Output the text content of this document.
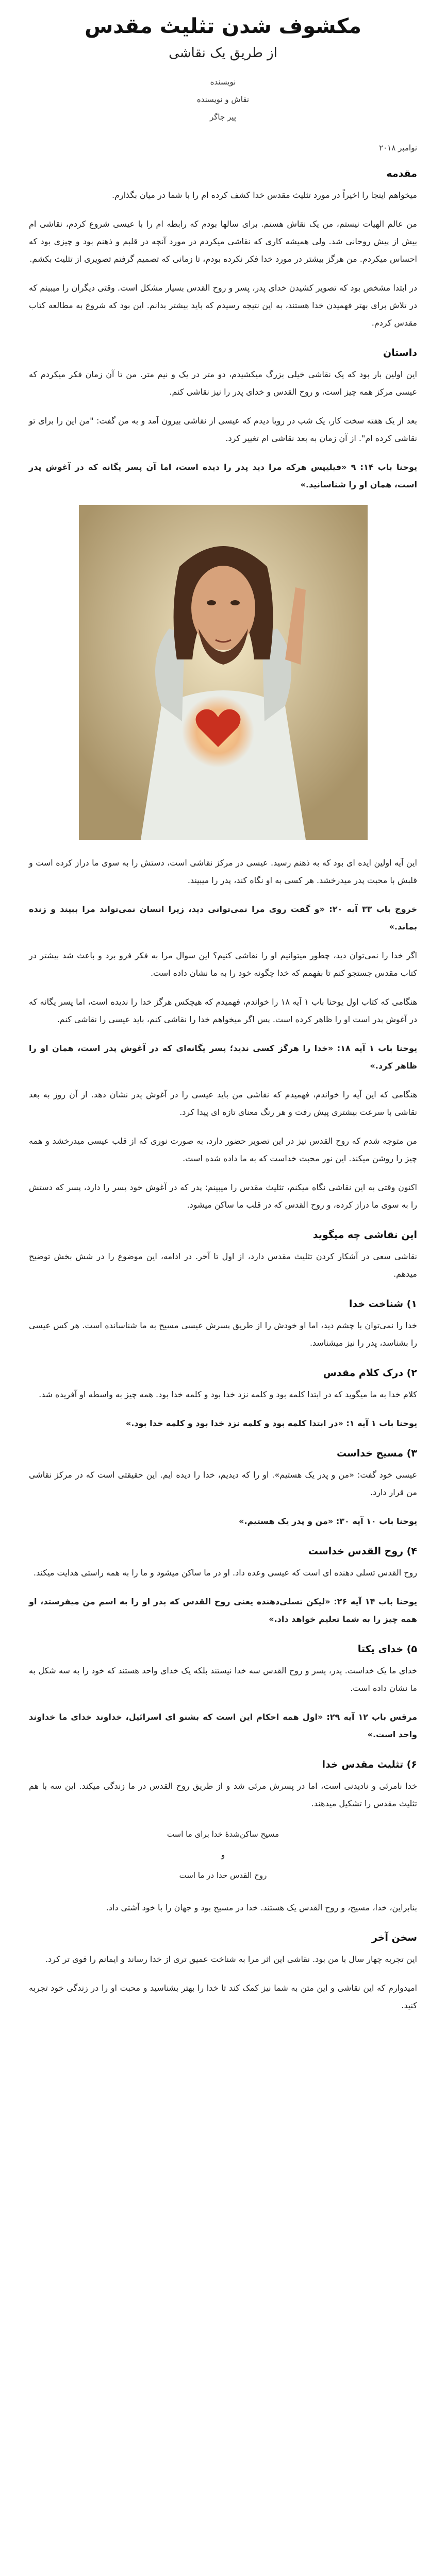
مکشوف شدن تثلیث مقدس
از طریق یک نقاشی
نویسنده
نقاش و نویسنده
پیر جاگر
نوامبر ۲۰۱۸
مقدمه

میخواهم اینجا را اخیراً در مورد تثلیث مقدس خدا کشف کرده ام را با شما در میان بگذارم.

من عالم الهیات نیستم، من یک نقاش هستم. برای سالها بودم که رابطه ام را با عیسی شروع کردم، نقاشی ام بیش از پیش روحانی شد. ولی همیشه کاری که نقاشی میکردم در مورد آنچه در قلبم و ذهنم بود و چیزی بود که احساس میکردم. من هرگز بیشتر در مورد خدا فکر نکرده بودم، تا زمانی که تصمیم گرفتم تصویری از تثلیث بکشم.

در ابتدا مشخص بود که تصویر کشیدن خدای پدر، پسر و روح القدس بسیار مشکل است. وقتی دیگران را میبینم که در تلاش برای بهتر فهمیدن خدا هستند، به این نتیجه رسیدم که باید بیشتر بدانم. این بود که شروع به مطالعه کتاب مقدس کردم.

داستان

این اولین بار بود که یک نقاشی خیلی بزرگ میکشیدم، دو متر در یک و نیم متر. من تا آن زمان فکر میکردم که عیسی مرکز همه چیز است، و روح القدس و خدای پدر را نیز نقاشی کنم.

بعد از یک هفته سخت کار، یک شب در رویا دیدم که عیسی از نقاشی بیرون آمد و به من گفت: "من این را برای تو نقاشی کرده ام". از آن زمان به بعد نقاشی ام تغییر کرد.

یوحنا باب ۱۴: ۹ «فیلیپس هرکه مرا دید پدر را دیده است، اما آن پسر یگانه که در آغوش پدر است، همان او را شناسانید.»

این آیه اولین ایده ای بود که به ذهنم رسید. عیسی در مرکز نقاشی است، دستش را به سوی ما دراز کرده است و قلبش با محبت پدر میدرخشد. هر کسی به او نگاه کند، پدر را میبیند.

خروج باب ۳۳ آیه ۲۰: «و گفت روی مرا نمی‌توانی دید، زیرا انسان نمی‌تواند مرا ببیند و زنده بماند.»

اگر خدا را نمی‌توان دید، چطور میتوانیم او را نقاشی کنیم؟ این سوال مرا به فکر فرو برد و باعث شد بیشتر در کتاب مقدس جستجو کنم تا بفهمم که خدا چگونه خود را به ما نشان داده است.

هنگامی که کتاب اول یوحنا باب ۱ آیه ۱۸ را خواندم، فهمیدم که هیچکس هرگز خدا را ندیده است، اما پسر یگانه که در آغوش پدر است او را ظاهر کرده است. پس اگر میخواهم خدا را نقاشی کنم، باید عیسی را نقاشی کنم.

یوحنا باب ۱ آیه ۱۸: «خدا را هرگز کسی ندید؛ پسر یگانه‌ای که در آغوش پدر است، همان او را ظاهر کرد.»

هنگامی که این آیه را خواندم، فهمیدم که نقاشی من باید عیسی را در آغوش پدر نشان دهد. از آن روز به بعد نقاشی با سرعت بیشتری پیش رفت و هر رنگ معنای تازه ای پیدا کرد.

من متوجه شدم که روح القدس نیز در این تصویر حضور دارد، به صورت نوری که از قلب عیسی میدرخشد و همه چیز را روشن میکند. این نور محبت خداست که به ما داده شده است.

اکنون وقتی به این نقاشی نگاه میکنم، تثلیث مقدس را میبینم: پدر که در آغوش خود پسر را دارد، پسر که دستش را به سوی ما دراز کرده، و روح القدس که در قلب ما ساکن میشود.

این نقاشی چه میگوید

نقاشی سعی در آشکار کردن تثلیث مقدس دارد، از اول تا آخر. در ادامه، این موضوع را در شش بخش توضیح میدهم.

۱) شناخت خدا

خدا را نمی‌توان با چشم دید، اما او خودش را از طریق پسرش عیسی مسیح به ما شناسانده است. هر کس عیسی را بشناسد، پدر را نیز میشناسد.

۲) درک کلام مقدس

کلام خدا به ما میگوید که در ابتدا کلمه بود و کلمه نزد خدا بود و کلمه خدا بود. همه چیز به واسطه او آفریده شد.

یوحنا باب ۱ آیه ۱: «در ابتدا کلمه بود و کلمه نزد خدا بود و کلمه خدا بود.»

۳) مسیح خداست

عیسی خود گفت: «من و پدر یک هستیم». او را که دیدیم، خدا را دیده ایم. این حقیقتی است که در مرکز نقاشی من قرار دارد.

یوحنا باب ۱۰ آیه ۳۰: «من و پدر یک هستیم.»

۴) روح القدس خداست

روح القدس تسلی دهنده ای است که عیسی وعده داد. او در ما ساکن میشود و ما را به همه راستی هدایت میکند.

یوحنا باب ۱۴ آیه ۲۶: «لیکن تسلی‌دهنده یعنی روح القدس که پدر او را به اسم من میفرستد، او همه چیز را به شما تعلیم خواهد داد.»

۵) خدای یکتا

خدای ما یک خداست. پدر، پسر و روح القدس سه خدا نیستند بلکه یک خدای واحد هستند که خود را به سه شکل به ما نشان داده است.

مرقس باب ۱۲ آیه ۲۹: «اول همه احکام این است که بشنو ای اسرائیل، خداوند خدای ما خداوند واحد است.»

۶) تثلیث مقدس خدا

خدا نامرئی و نادیدنی است، اما در پسرش مرئی شد و از طریق روح القدس در ما زندگی میکند. این سه با هم تثلیث مقدس را تشکیل میدهند.

مسیح ساکن‌شدهٔ خدا برای ما است
و
روح القدس خدا در ما است

بنابراین، خدا، مسیح، و روح القدس یک هستند. خدا در مسیح بود و جهان را با خود آشتی داد.

سخن آخر

این تجربه چهار سال با من بود. نقاشی این اثر مرا به شناخت عمیق تری از خدا رساند و ایمانم را قوی تر کرد.

امیدوارم که این نقاشی و این متن به شما نیز کمک کند تا خدا را بهتر بشناسید و محبت او را در زندگی خود تجربه کنید.
